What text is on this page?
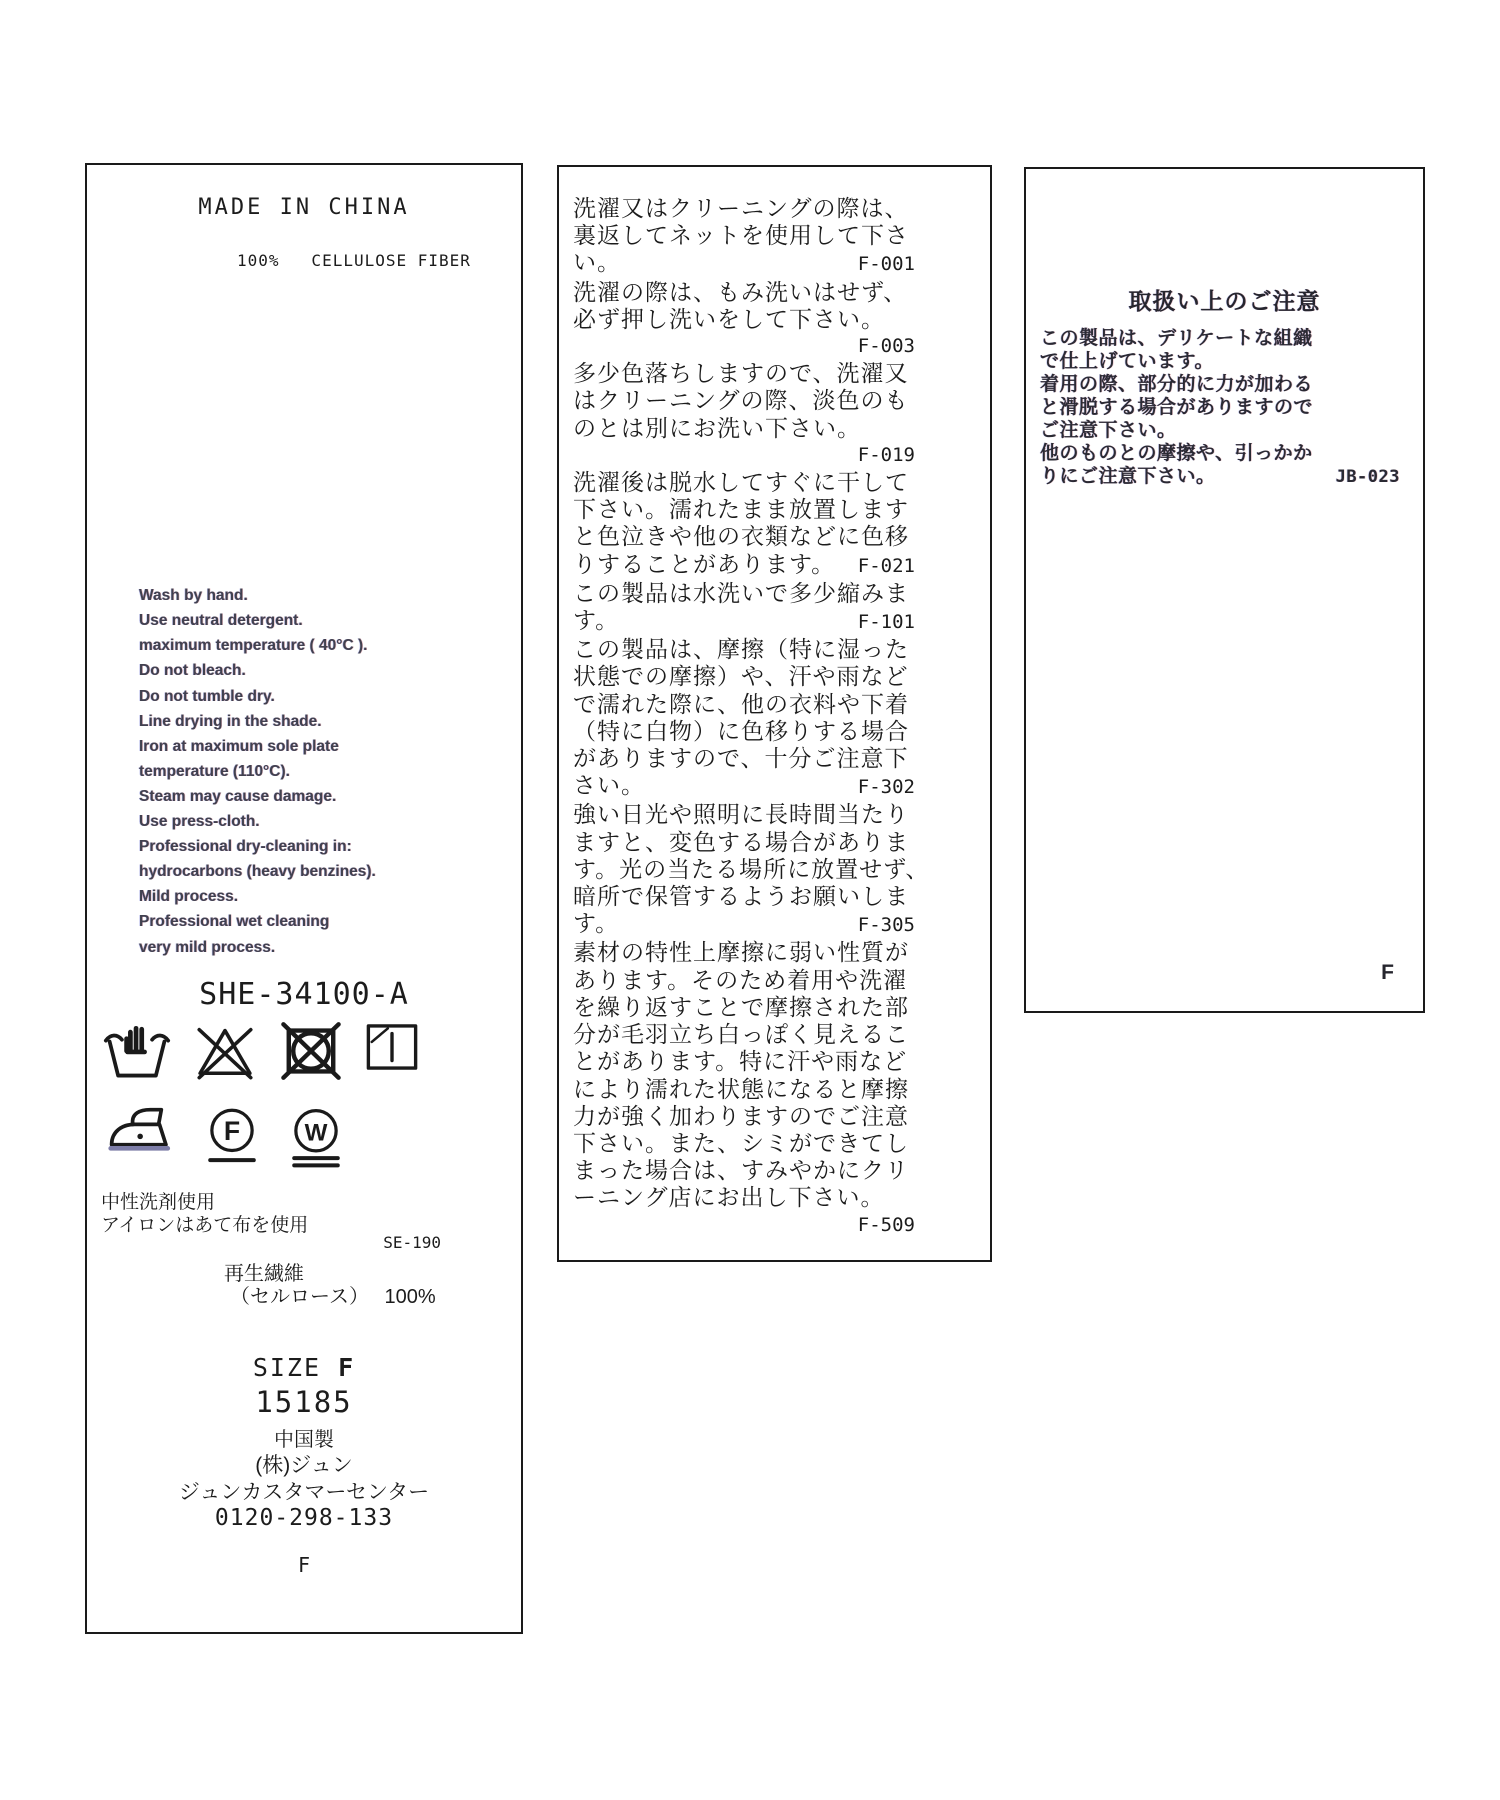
MADE IN CHINA
100%   CELLULOSE FIBER

Wash by hand.
Use neutral detergent.
maximum temperature ( 40°C ).
Do not bleach.
Do not tumble dry.
Line drying in the shade.
Iron at maximum sole plate
temperature (110°C).
Steam may cause damage.
Use press-cloth.
Professional dry-cleaning in:
hydrocarbons (heavy benzines).
Mild process.
Professional wet cleaning
very mild process.

SHE-34100-A
F W
中性洗剤使用
アイロンはあて布を使用
SE-190
再生繊維
（セルロース）　 100%
SIZE F
15185
中国製
(株)ジュン
ジュンカスタマーセンター
0120-298-133
F
洗濯又はクリーニングの際は、
裏返してネットを使用して下さ
い。	F-001
洗濯の際は、もみ洗いはせず、
必ず押し洗いをして下さい。
F-003
多少色落ちしますので、洗濯又
はクリーニングの際、淡色のも
のとは別にお洗い下さい。
F-019
洗濯後は脱水してすぐに干して
下さい。濡れたまま放置します
と色泣きや他の衣類などに色移
りすることがあります。 F-021
この製品は水洗いで多少縮みま
す。	F-101
この製品は、摩擦（特に湿った
状態での摩擦）や、汗や雨など
で濡れた際に、他の衣料や下着
（特に白物）に色移りする場合
がありますので、十分ご注意下
さい。	F-302
強い日光や照明に長時間当たり
ますと、変色する場合がありま
す。光の当たる場所に放置せず、
暗所で保管するようお願いしま
す。	F-305
素材の特性上摩擦に弱い性質が
あります。そのため着用や洗濯
を繰り返すことで摩擦された部
分が毛羽立ち白っぽく見えるこ
とがあります。特に汗や雨など
により濡れた状態になると摩擦
力が強く加わりますのでご注意
下さい。また、シミができてし
まった場合は、すみやかにクリ
ーニング店にお出し下さい。
F-509
取扱い上のご注意
この製品は、デリケートな組織
で仕上げています。
着用の際、部分的に力が加わる
と滑脱する場合がありますので
ご注意下さい。
他のものとの摩擦や、引っかか
りにご注意下さい。	JB-023
F
